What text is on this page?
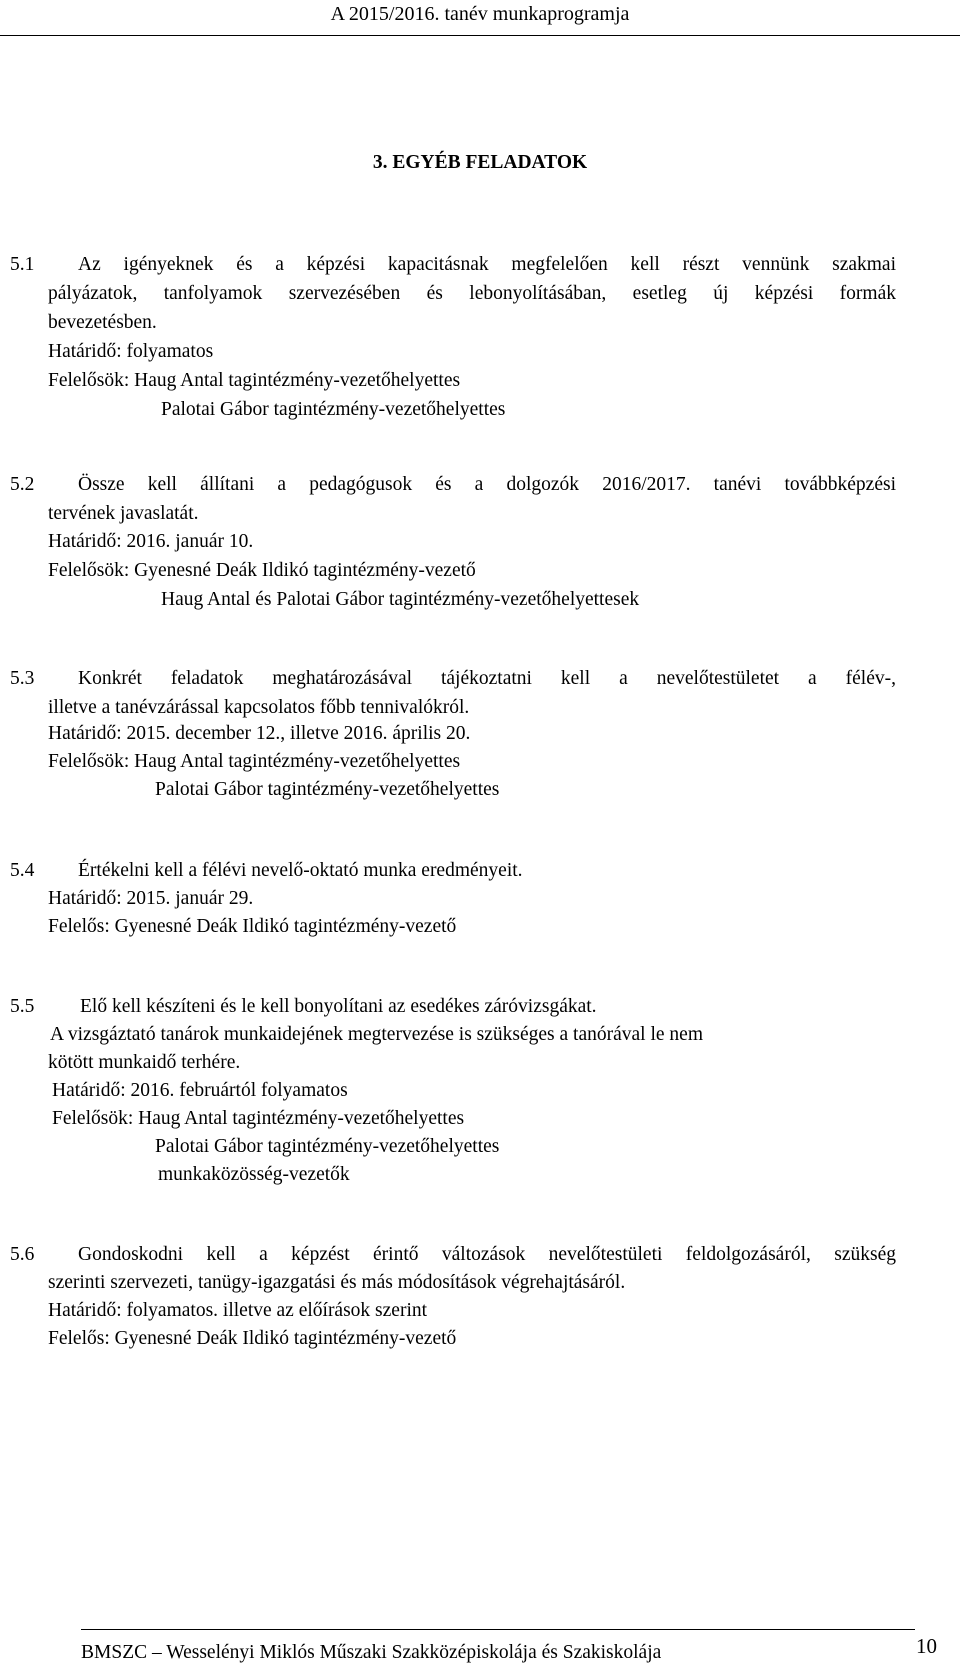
A 2015/2016. tanév munkaprogramja
3. EGYÉB FELADATOK
5.1 Az igényeknek és a képzési kapacitásnak megfelelően kell részt vennünk szakmai
pályázatok, tanfolyamok szervezésében és lebonyolításában, esetleg új képzési formák
bevezetésben.
Határidő: folyamatos
Felelősök: Haug Antal tagintézmény-vezetőhelyettes
Palotai Gábor tagintézmény-vezetőhelyettes
5.2 Össze kell állítani a pedagógusok és a dolgozók 2016/2017. tanévi továbbképzési
tervének javaslatát.
Határidő: 2016. január 10.
Felelősök: Gyenesné Deák Ildikó tagintézmény-vezető
Haug Antal és Palotai Gábor tagintézmény-vezetőhelyettesek
5.3 Konkrét feladatok meghatározásával tájékoztatni kell a nevelőtestületet a félév-,
illetve a tanévzárással kapcsolatos főbb tennivalókról.
Határidő: 2015. december 12., illetve 2016. április 20.
Felelősök: Haug Antal tagintézmény-vezetőhelyettes
Palotai Gábor tagintézmény-vezetőhelyettes
5.4 Értékelni kell a félévi nevelő-oktató munka eredményeit.
Határidő: 2015. január 29.
Felelős: Gyenesné Deák Ildikó tagintézmény-vezető
5.5 Elő kell készíteni és le kell bonyolítani az esedékes záróvizsgákat.
A vizsgáztató tanárok munkaidejének megtervezése is szükséges a tanórával le nem
kötött munkaidő terhére.
Határidő: 2016. februártól folyamatos
Felelősök: Haug Antal tagintézmény-vezetőhelyettes
Palotai Gábor tagintézmény-vezetőhelyettes
munkaközösség-vezetők
5.6 Gondoskodni kell a képzést érintő változások nevelőtestületi feldolgozásáról, szükség
szerinti szervezeti, tanügy-igazgatási és más módosítások végrehajtásáról.
Határidő: folyamatos. illetve az előírások szerint
Felelős: Gyenesné Deák Ildikó tagintézmény-vezető
BMSZC – Wesselényi Miklós Műszaki Szakközépiskolája és Szakiskolája	10
